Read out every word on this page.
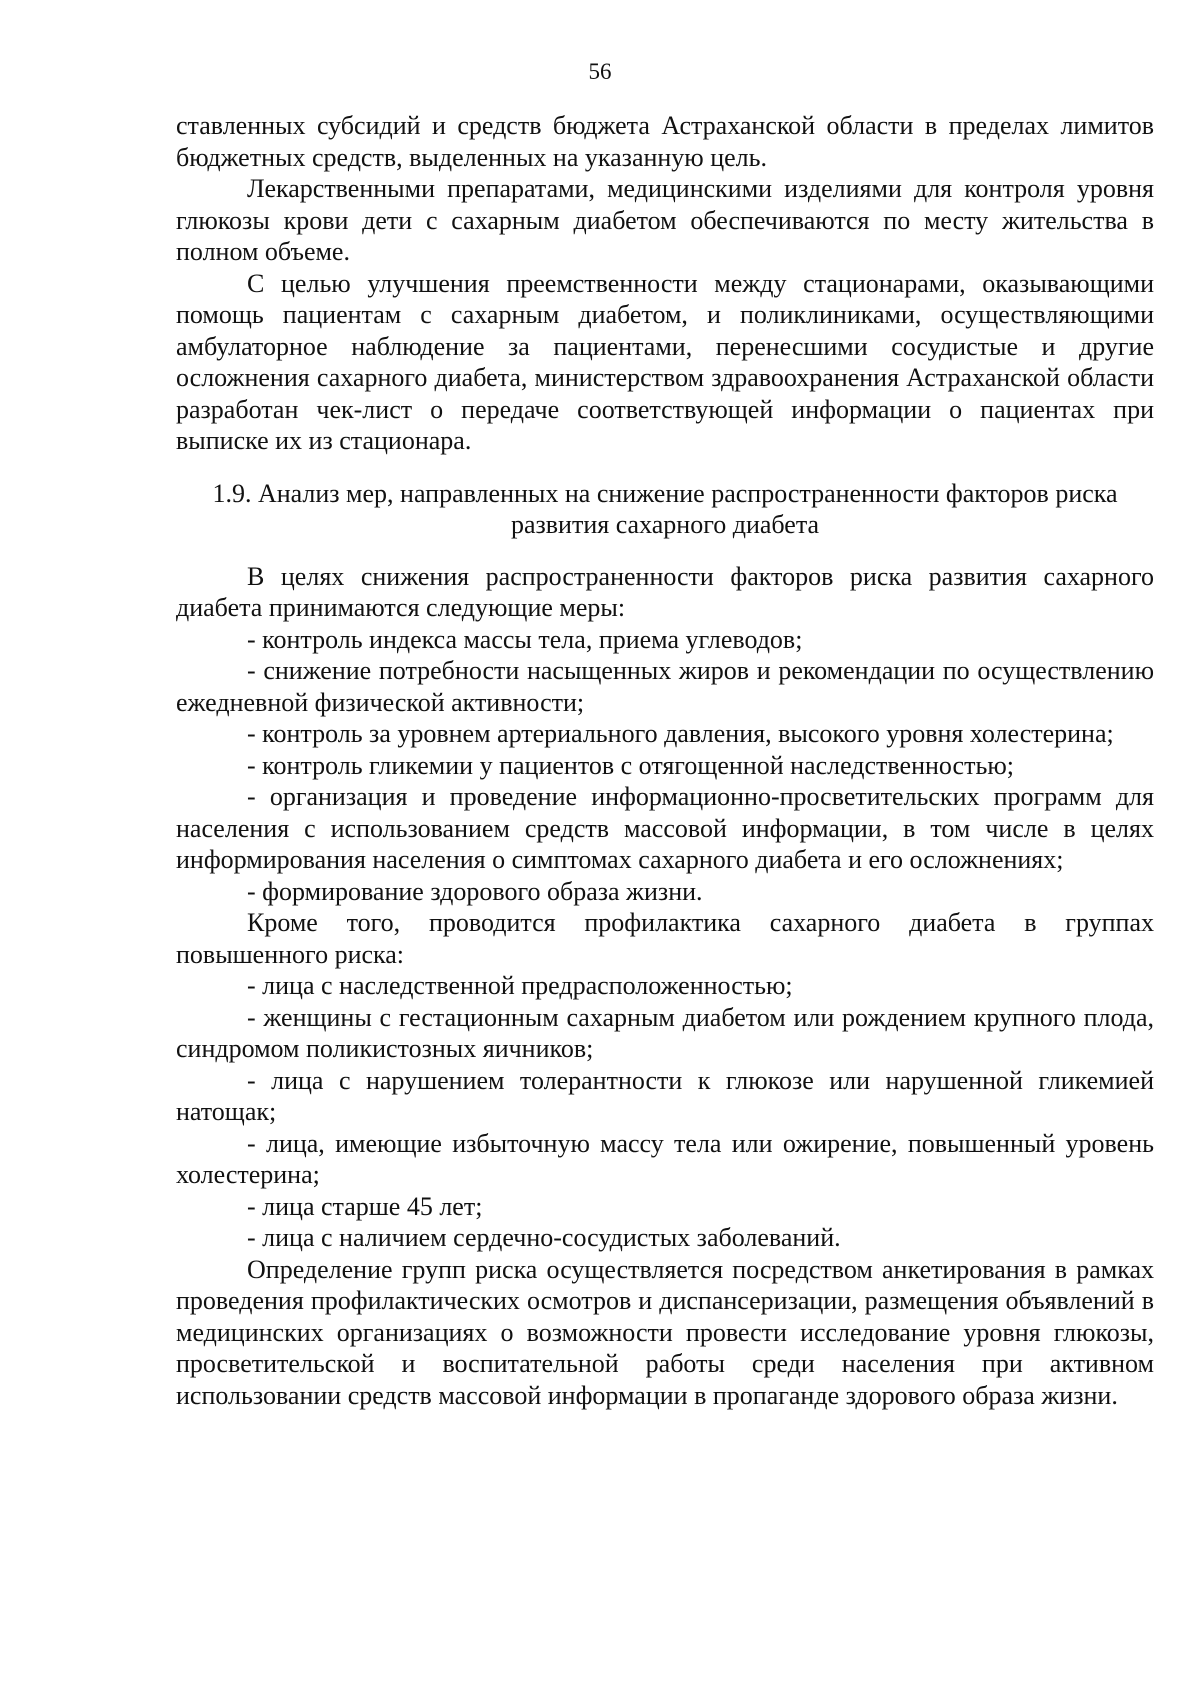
56

ставленных субсидий и средств бюджета Астраханской области в пределах лимитов бюджетных средств, выделенных на указанную цель.

Лекарственными препаратами, медицинскими изделиями для контроля уровня глюкозы крови дети с сахарным диабетом обеспечиваются по месту жительства в полном объеме.

С целью улучшения преемственности между стационарами, оказывающими помощь пациентам с сахарным диабетом, и поликлиниками, осуществляющими амбулаторное наблюдение за пациентами, перенесшими сосудистые и другие осложнения сахарного диабета, министерством здравоохранения Астраханской области разработан чек-лист о передаче соответствующей информации о пациентах при выписке их из стационара.

1.9. Анализ мер, направленных на снижение распространенности факторов риска развития сахарного диабета

В целях снижения распространенности факторов риска развития сахарного диабета принимаются следующие меры:

- контроль индекса массы тела, приема углеводов;

- снижение потребности насыщенных жиров и рекомендации по осуществлению ежедневной физической активности;

- контроль за уровнем артериального давления, высокого уровня холестерина;

- контроль гликемии у пациентов с отягощенной наследственностью;

- организация и проведение информационно-просветительских программ для населения с использованием средств массовой информации, в том числе в целях информирования населения о симптомах сахарного диабета и его осложнениях;

- формирование здорового образа жизни.

Кроме того, проводится профилактика сахарного диабета в группах повышенного риска:

- лица с наследственной предрасположенностью;

- женщины с гестационным сахарным диабетом или рождением крупного плода, синдромом поликистозных яичников;

- лица с нарушением толерантности к глюкозе или нарушенной гликемией натощак;

- лица, имеющие избыточную массу тела или ожирение, повышенный уровень холестерина;

- лица старше 45 лет;

- лица с наличием сердечно-сосудистых заболеваний.

Определение групп риска осуществляется посредством анкетирования в рамках проведения профилактических осмотров и диспансеризации, размещения объявлений в медицинских организациях о возможности провести исследование уровня глюкозы, просветительской и воспитательной работы среди населения при активном использовании средств массовой информации в пропаганде здорового образа жизни.
